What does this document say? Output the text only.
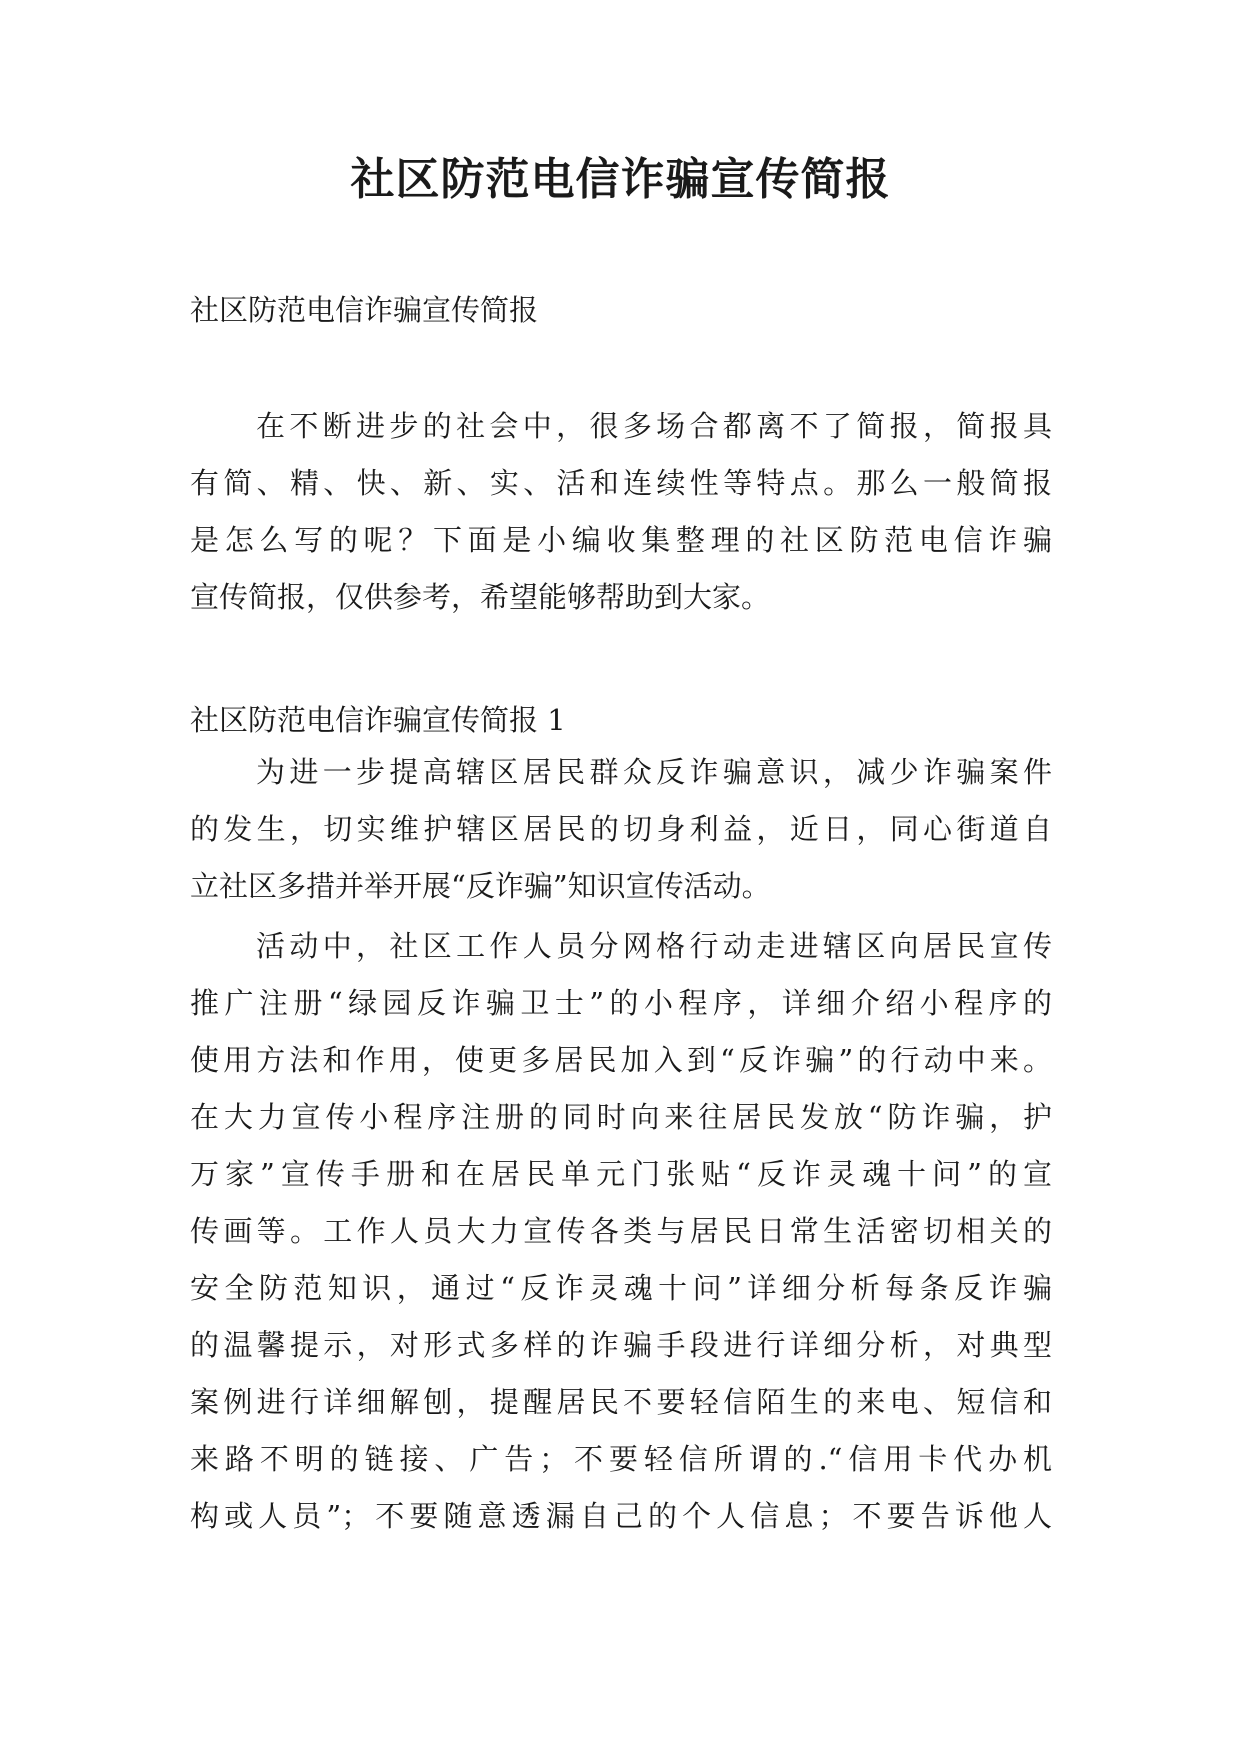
社区防范电信诈骗宣传简报

社区防范电信诈骗宣传简报

在不断进步的社会中，很多场合都离不了简报，简报具
有简、精、快、新、实、活和连续性等特点。那么一般简报
是怎么写的呢？下面是小编收集整理的社区防范电信诈骗
宣传简报，仅供参考，希望能够帮助到大家。

社区防范电信诈骗宣传简报 1

为进一步提高辖区居民群众反诈骗意识，减少诈骗案件
的发生，切实维护辖区居民的切身利益，近日，同心街道自
立社区多措并举开展“反诈骗”知识宣传活动。

活动中，社区工作人员分网格行动走进辖区向居民宣传
推广注册“绿园反诈骗卫士”的小程序，详细介绍小程序的
使用方法和作用，使更多居民加入到“反诈骗”的行动中来。
在大力宣传小程序注册的同时向来往居民发放“防诈骗，护
万家”宣传手册和在居民单元门张贴“反诈灵魂十问”的宣
传画等。工作人员大力宣传各类与居民日常生活密切相关的
安全防范知识，通过“反诈灵魂十问”详细分析每条反诈骗
的温馨提示，对形式多样的诈骗手段进行详细分析，对典型
案例进行详细解刨，提醒居民不要轻信陌生的来电、短信和
来路不明的链接、广告；不要轻信所谓的.“信用卡代办机
构或人员”；不要随意透漏自己的个人信息；不要告诉他人
